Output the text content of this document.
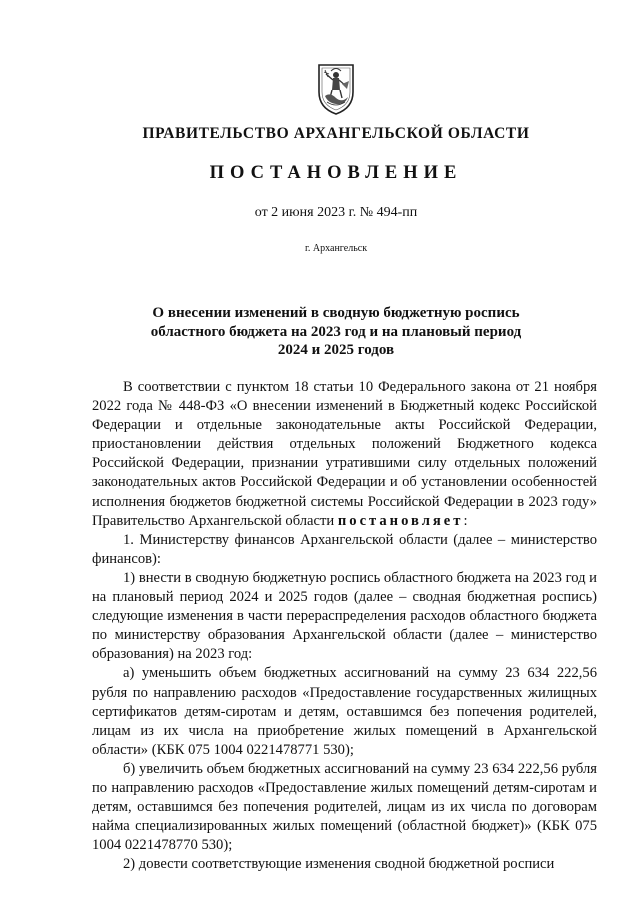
ПРАВИТЕЛЬСТВО АРХАНГЕЛЬСКОЙ ОБЛАСТИ
ПОСТАНОВЛЕНИЕ
от 2 июня 2023 г. № 494-пп
г. Архангельск
О внесении изменений в сводную бюджетную роспись
областного бюджета на 2023 год и на плановый период
2024 и 2025 годов

В соответствии с пунктом 18 статьи 10 Федерального закона от 21 ноября 2022 года № 448-ФЗ «О внесении изменений в Бюджетный кодекс Российской Федерации и отдельные законодательные акты Российской Федерации, приостановлении действия отдельных положений Бюджетного кодекса Российской Федерации, признании утратившими силу отдельных положений законодательных актов Российской Федерации и об установлении особенностей исполнения бюджетов бюджетной системы Российской Федерации в 2023 году» Правительство Архангельской области постановляет:

1. Министерству финансов Архангельской области (далее – министерство финансов):

1) внести в сводную бюджетную роспись областного бюджета на 2023 год и на плановый период 2024 и 2025 годов (далее – сводная бюджетная роспись) следующие изменения в части перераспределения расходов областного бюджета по министерству образования Архангельской области (далее – министерство образования) на 2023 год:

а) уменьшить объем бюджетных ассигнований на сумму 23 634 222,56 рубля по направлению расходов «Предоставление государственных жилищных сертификатов детям-сиротам и детям, оставшимся без попечения родителей, лицам из их числа на приобретение жилых помещений в Архангельской области» (КБК 075 1004 0221478771 530);

б) увеличить объем бюджетных ассигнований на сумму 23 634 222,56 рубля по направлению расходов «Предоставление жилых помещений детям-сиротам и детям, оставшимся без попечения родителей, лицам из их числа по договорам найма специализированных жилых помещений (областной бюджет)» (КБК 075 1004 0221478770 530);

2) довести соответствующие изменения сводной бюджетной росписи
